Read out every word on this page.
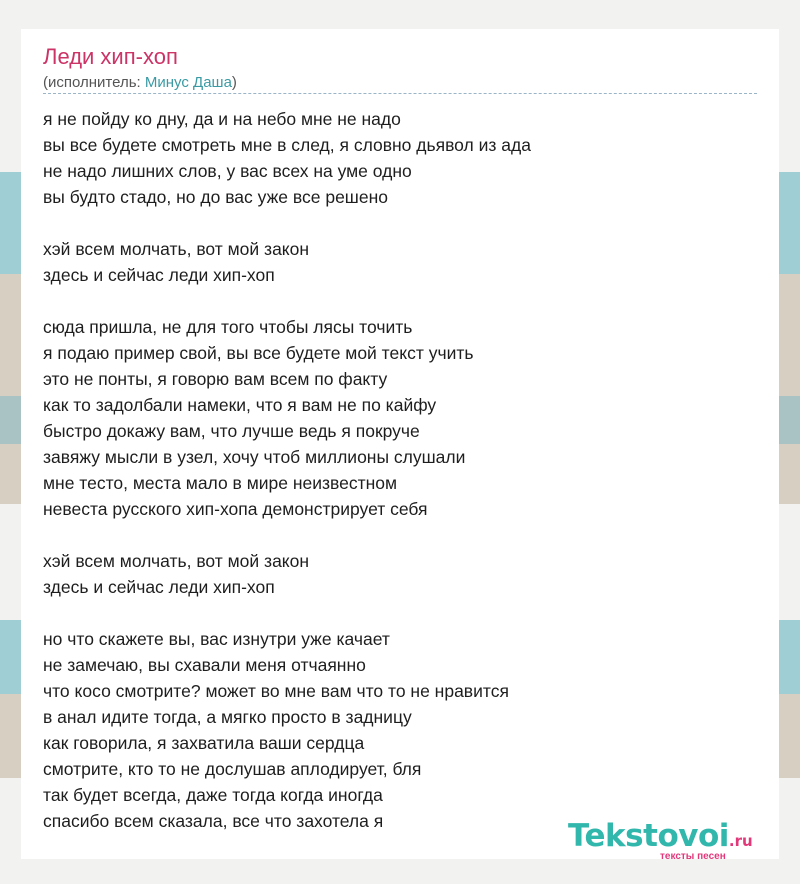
Леди хип-хоп
(исполнитель: Минус Даша)
я не пойду ко дну, да и на небо мне не надо
вы все будете смотреть мне в след, я словно дьявол из ада
не надо лишних слов, у вас всех на уме одно
вы будто стадо, но до вас уже все решено
хэй всем молчать, вот мой закон
здесь и сейчас леди хип-хоп
сюда пришла, не для того чтобы лясы точить
я подаю пример свой, вы все будете мой текст учить
это не понты, я говорю вам всем по факту
как то задолбали намеки, что я вам не по кайфу
быстро докажу вам, что лучше ведь я покруче
завяжу мысли в узел, хочу чтоб миллионы слушали
мне тесто, места мало в мире неизвестном
невеста русского хип-хопа демонстрирует себя
хэй всем молчать, вот мой закон
здесь и сейчас леди хип-хоп
но что скажете вы, вас изнутри уже качает
не замечаю, вы схавали меня отчаянно
что косо смотрите? может во мне вам что то не нравится
в анал идите тогда, а мягко просто в задницу
как говорила, я захватила ваши сердца
смотрите, кто то не дослушав аплодирует, бля
так будет всегда, даже тогда когда иногда
спасибо всем сказала, все что захотела я	Tekstovoi.ru
тексты песен
